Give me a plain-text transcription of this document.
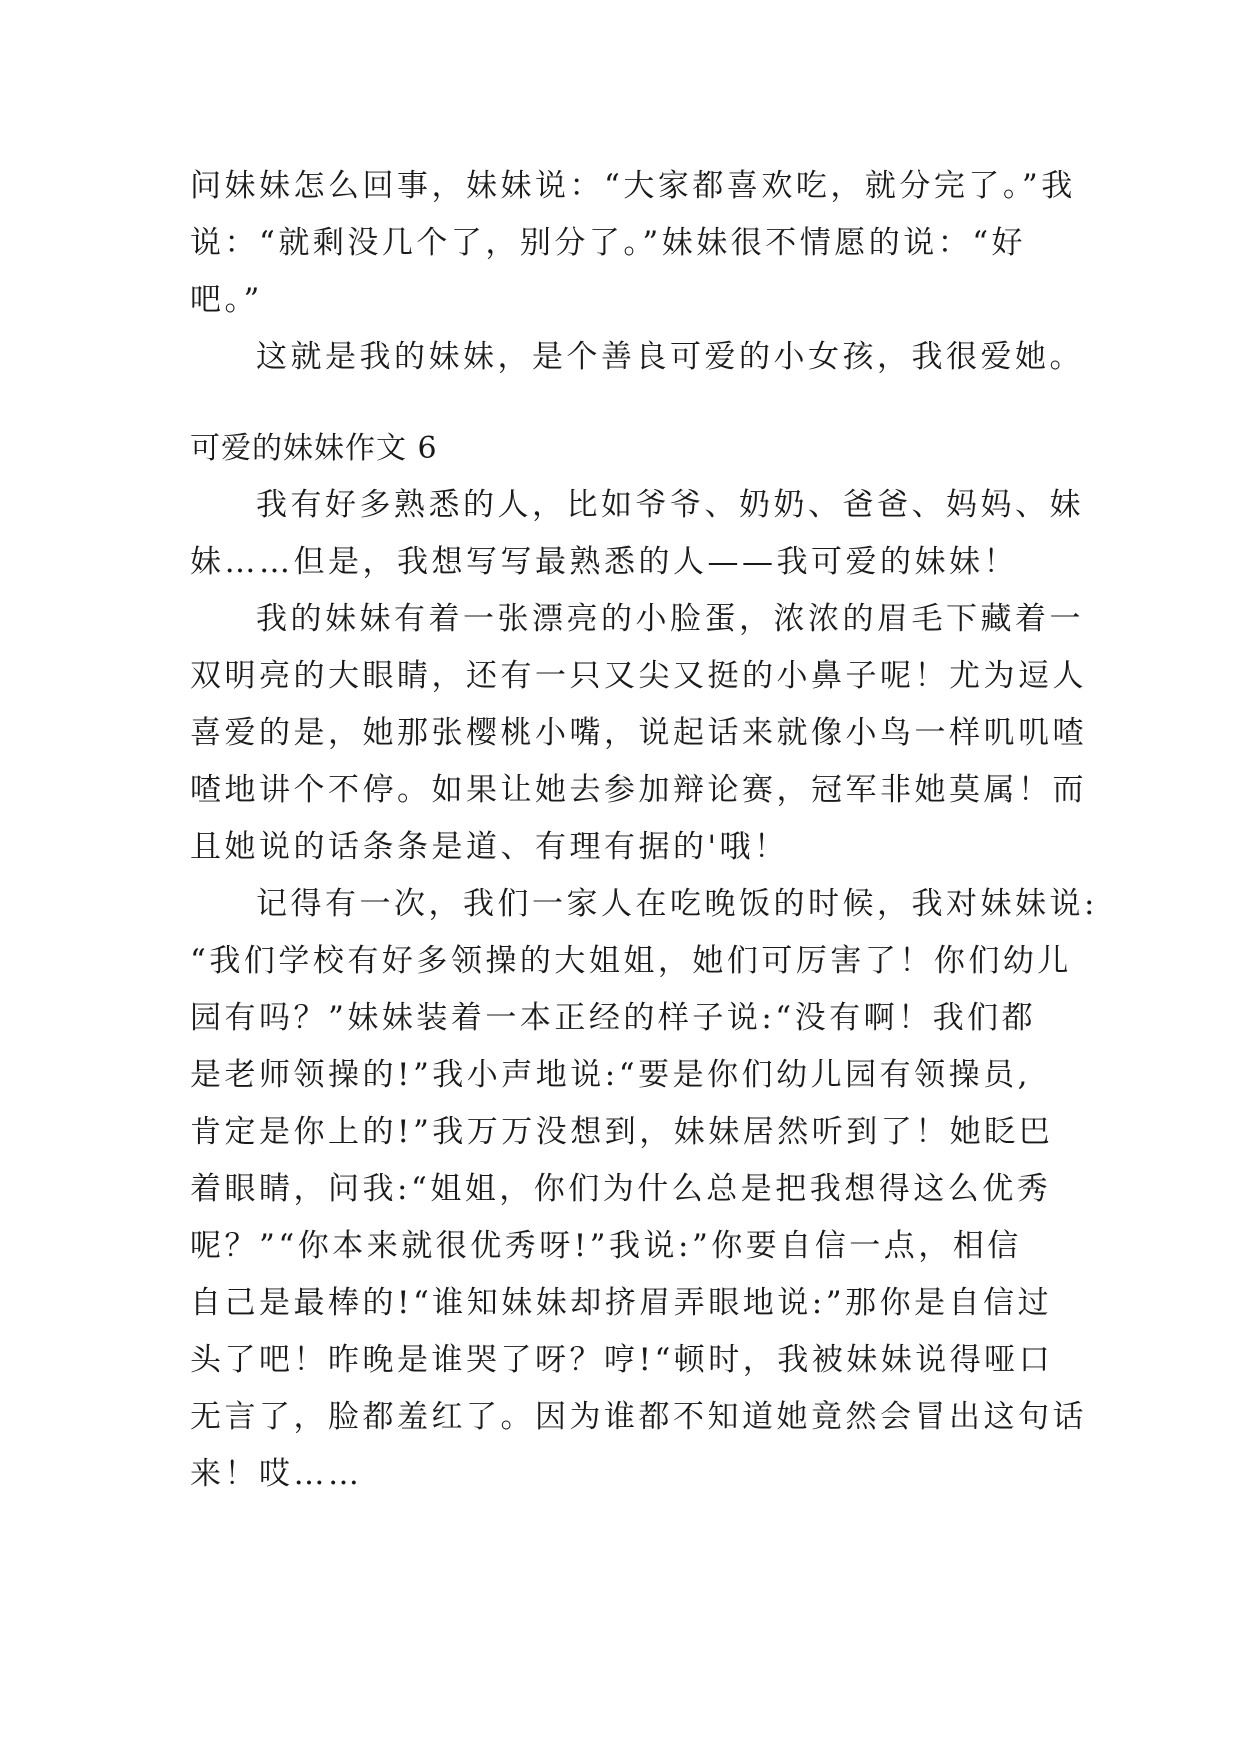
问妹妹怎么回事，妹妹说：“大家都喜欢吃，就分完了。”我
说：“就剩没几个了，别分了。”妹妹很不情愿的说：“好
吧。”
这就是我的妹妹，是个善良可爱的小女孩，我很爱她。
可爱的妹妹作文 6
我有好多熟悉的人，比如爷爷、奶奶、爸爸、妈妈、妹
妹……但是，我想写写最熟悉的人——我可爱的妹妹！
我的妹妹有着一张漂亮的小脸蛋，浓浓的眉毛下藏着一
双明亮的大眼睛，还有一只又尖又挺的小鼻子呢！尤为逗人
喜爱的是，她那张樱桃小嘴，说起话来就像小鸟一样叽叽喳
喳地讲个不停。如果让她去参加辩论赛，冠军非她莫属！而
且她说的话条条是道、有理有据的'哦！
记得有一次，我们一家人在吃晚饭的时候，我对妹妹说:
“我们学校有好多领操的大姐姐，她们可厉害了！你们幼儿
园有吗？”妹妹装着一本正经的样子说:“没有啊！我们都
是老师领操的!”我小声地说:“要是你们幼儿园有领操员,
肯定是你上的!”我万万没想到，妹妹居然听到了！她眨巴
着眼睛，问我:“姐姐，你们为什么总是把我想得这么优秀
呢？”“你本来就很优秀呀!”我说:”你要自信一点，相信
自己是最棒的!“谁知妹妹却挤眉弄眼地说:”那你是自信过
头了吧！昨晚是谁哭了呀？哼!“顿时，我被妹妹说得哑口
无言了，脸都羞红了。因为谁都不知道她竟然会冒出这句话
来！哎……
